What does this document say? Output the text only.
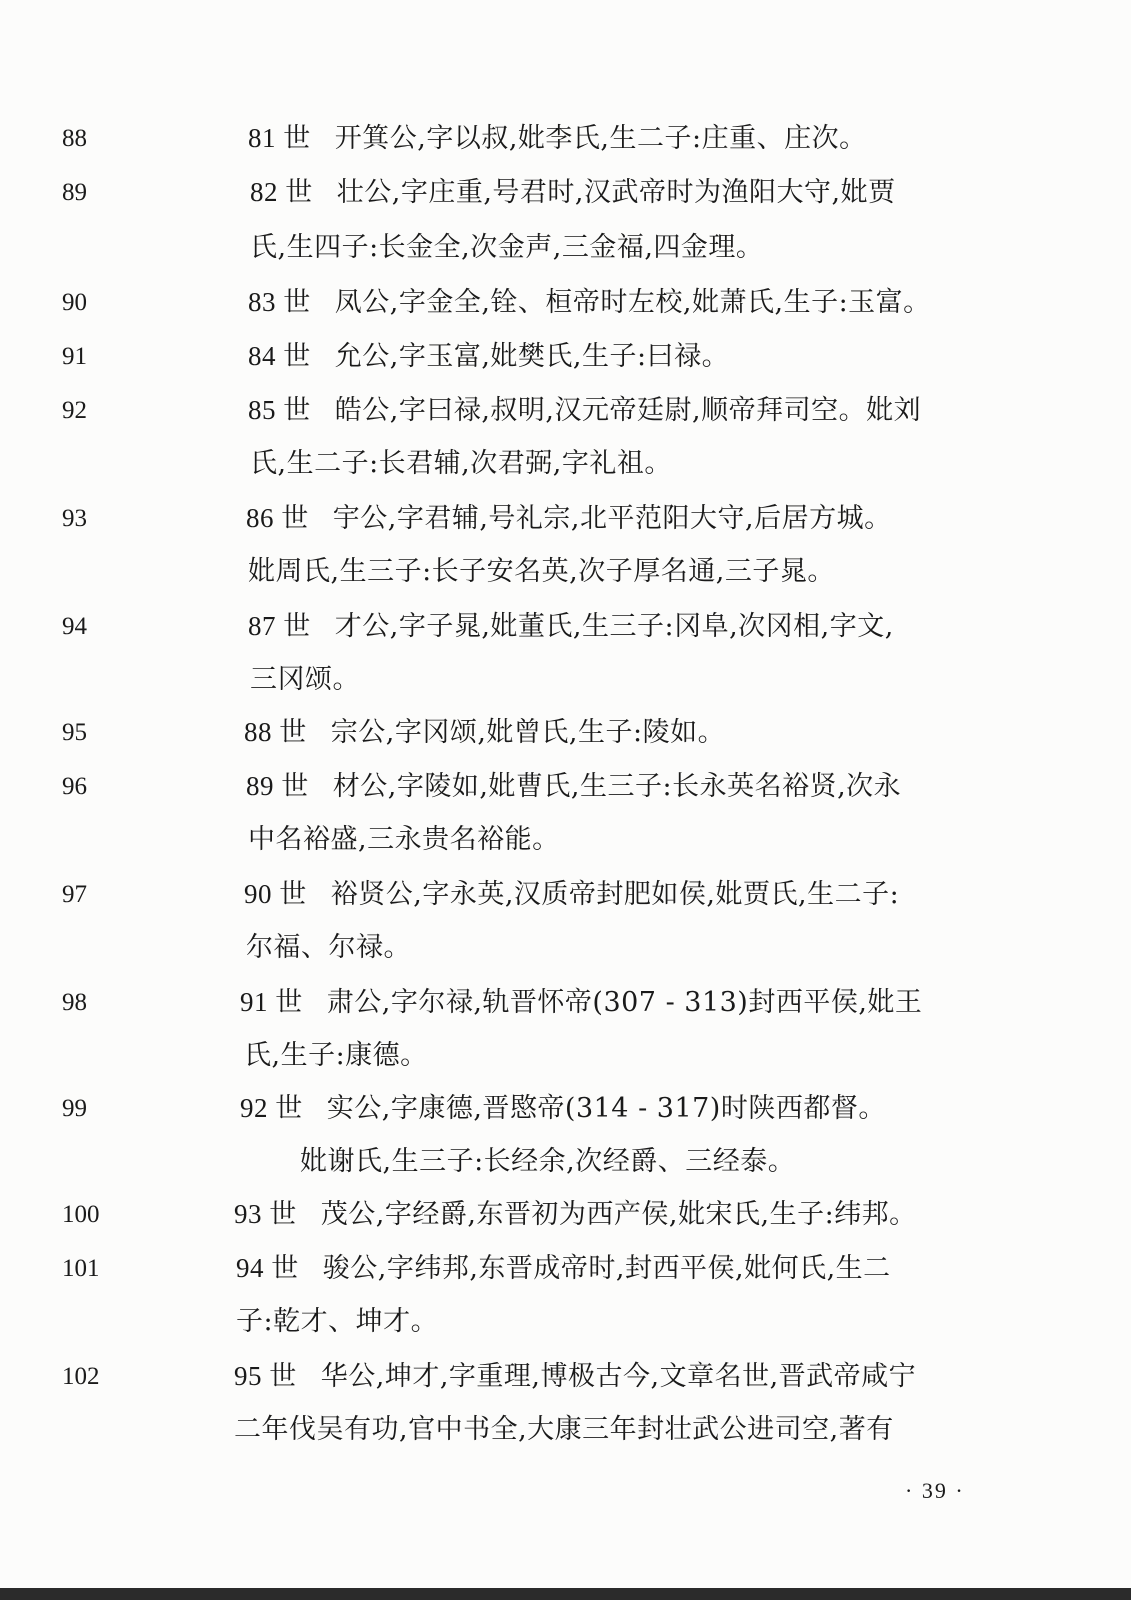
88	81 世 开箕公,字以叔,妣李氏,生二子:庄重、庄次。
89	82 世 壮公,字庄重,号君时,汉武帝时为渔阳大守,妣贾
氏,生四子:长金全,次金声,三金福,四金理。
90	83 世 凤公,字金全,铨、桓帝时左校,妣萧氏,生子:玉富。
91	84 世 允公,字玉富,妣樊氏,生子:曰禄。
92	85 世 皓公,字曰禄,叔明,汉元帝廷尉,顺帝拜司空。妣刘
氏,生二子:长君辅,次君弼,字礼祖。
93	86 世 宇公,字君辅,号礼宗,北平范阳大守,后居方城。
妣周氏,生三子:长子安名英,次子厚名通,三子晁。
94	87 世 才公,字子晁,妣董氏,生三子:冈阜,次冈相,字文,
三冈颂。
95	88 世 宗公,字冈颂,妣曾氏,生子:陵如。
96	89 世 材公,字陵如,妣曹氏,生三子:长永英名裕贤,次永
中名裕盛,三永贵名裕能。
97	90 世 裕贤公,字永英,汉质帝封肥如侯,妣贾氏,生二子:
尔福、尔禄。
98	91 世 肃公,字尔禄,轨晋怀帝(307 - 313)封西平侯,妣王
氏,生子:康德。
99	92 世 实公,字康德,晋愍帝(314 - 317)时陕西都督。
妣谢氏,生三子:长经余,次经爵、三经泰。
100	93 世 茂公,字经爵,东晋初为西产侯,妣宋氏,生子:纬邦。
101	94 世 骏公,字纬邦,东晋成帝时,封西平侯,妣何氏,生二
子:乾才、坤才。
102	95 世 华公,坤才,字重理,博极古今,文章名世,晋武帝咸宁
二年伐吴有功,官中书全,大康三年封壮武公进司空,著有
· 39 ·
